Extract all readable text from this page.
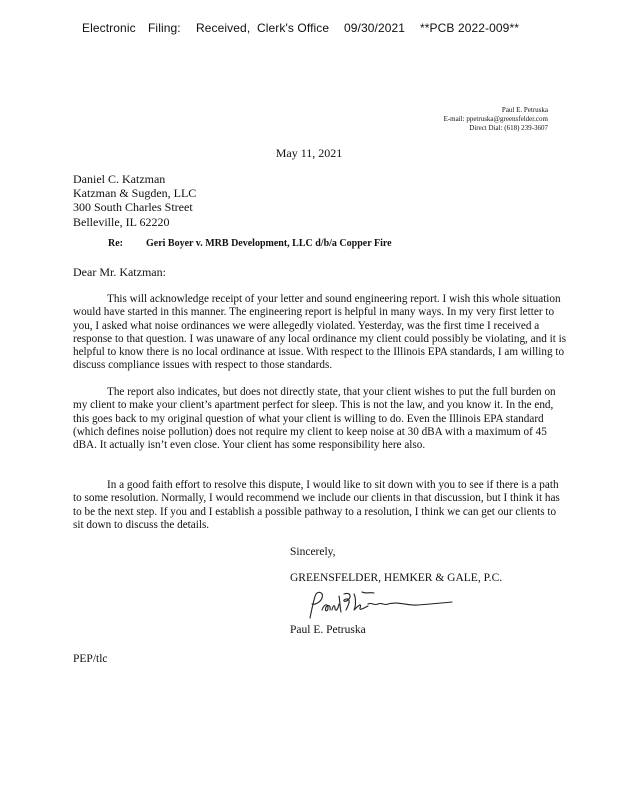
Electronic Filing: Received, Clerk's Office 09/30/2021 **PCB 2022-009**
Paul E. Petruska
E-mail: ppetruska@greensfelder.com
Direct Dial: (618) 239-3607
May 11, 2021
Daniel C. Katzman
Katzman & Sugden, LLC
300 South Charles Street
Belleville, IL 62220
Re: Geri Boyer v. MRB Development, LLC d/b/a Copper Fire
Dear Mr. Katzman:

This will acknowledge receipt of your letter and sound engineering report. I wish this whole situation would have started in this manner. The engineering report is helpful in many ways. In my very first letter to you, I asked what noise ordinances we were allegedly violated. Yesterday, was the first time I received a response to that question. I was unaware of any local ordinance my client could possibly be violating, and it is helpful to know there is no local ordinance at issue. With respect to the Illinois EPA standards, I am willing to discuss compliance issues with respect to those standards.

The report also indicates, but does not directly state, that your client wishes to put the full burden on my client to make your client’s apartment perfect for sleep. This is not the law, and you know it. In the end, this goes back to my original question of what your client is willing to do. Even the Illinois EPA standard (which defines noise pollution) does not require my client to keep noise at 30 dBA with a maximum of 45 dBA. It actually isn’t even close. Your client has some responsibility here also.

In a good faith effort to resolve this dispute, I would like to sit down with you to see if there is a path to some resolution. Normally, I would recommend we include our clients in that discussion, but I think it has to be the next step. If you and I establish a possible pathway to a resolution, I think we can get our clients to sit down to discuss the details.

Sincerely,
GREENSFELDER, HEMKER & GALE, P.C.
Paul E. Petruska
PEP/tlc
